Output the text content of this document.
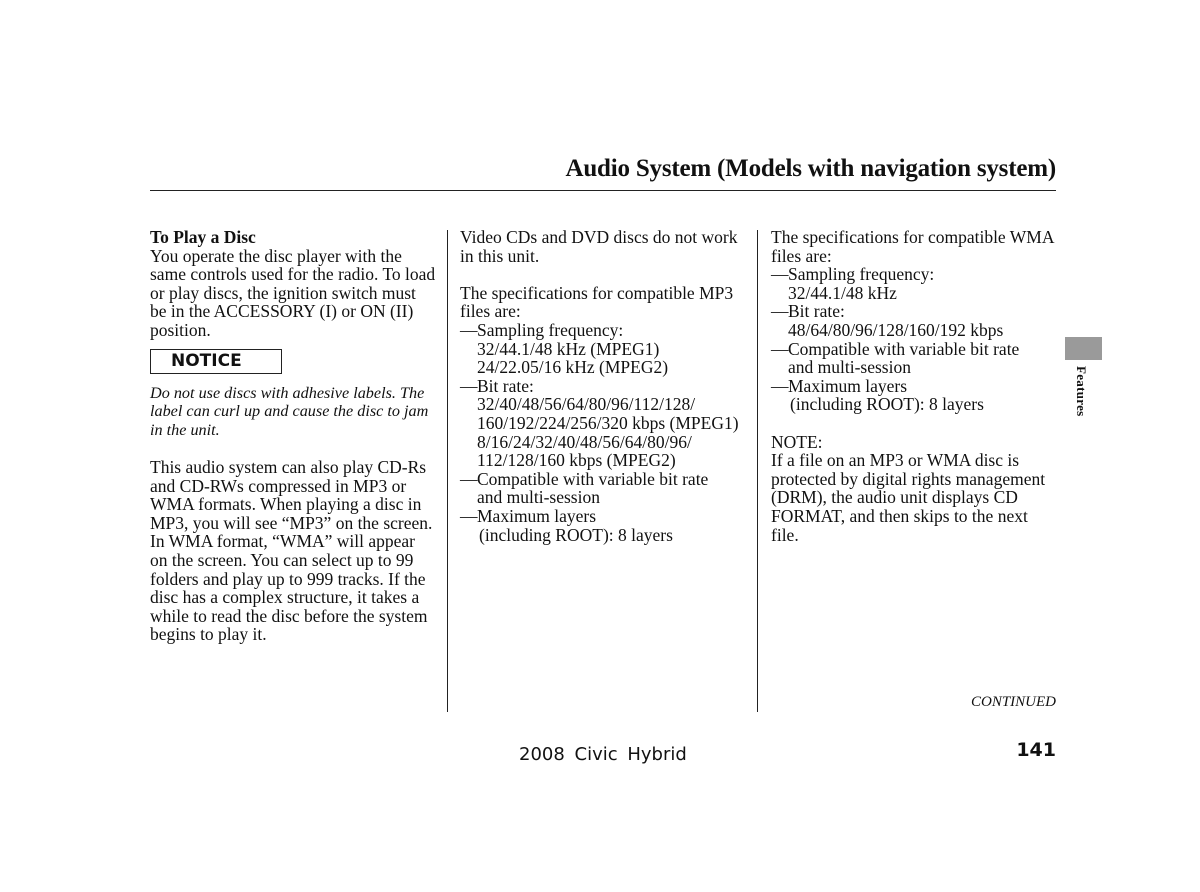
Audio System (Models with navigation system)

To Play a Disc

You operate the disc player with the same controls used for the radio. To load or play discs, the ignition switch must be in the ACCESSORY (I) or ON (II) position.

NOTICE

Do not use discs with adhesive labels. The label can curl up and cause the disc to jam in the unit.

This audio system can also play CD-Rs and CD-RWs compressed in MP3 or WMA formats. When playing a disc in MP3, you will see “MP3” on the screen. In WMA format, “WMA” will appear on the screen. You can select up to 99 folders and play up to 999 tracks. If the disc has a complex structure, it takes a while to read the disc before the system begins to play it.

Video CDs and DVD discs do not work in this unit.

The specifications for compatible MP3 files are:

—Sampling frequency:
32/44.1/48 kHz (MPEG1)
24/22.05/16 kHz (MPEG2)
—Bit rate:
32/40/48/56/64/80/96/112/128/ 160/192/224/256/320 kbps (MPEG1)
8/16/24/32/40/48/56/64/80/96/ 112/128/160 kbps (MPEG2)
—Compatible with variable bit rate
and multi-session
—Maximum layers
(including ROOT): 8 layers

The specifications for compatible WMA files are:

—Sampling frequency:
32/44.1/48 kHz
—Bit rate:
48/64/80/96/128/160/192 kbps
—Compatible with variable bit rate
and multi-session
—Maximum layers
(including ROOT): 8 layers

NOTE:

If a file on an MP3 or WMA disc is protected by digital rights management (DRM), the audio unit displays CD FORMAT, and then skips to the next file.

Features
CONTINUED
2008 Civic Hybrid	141
